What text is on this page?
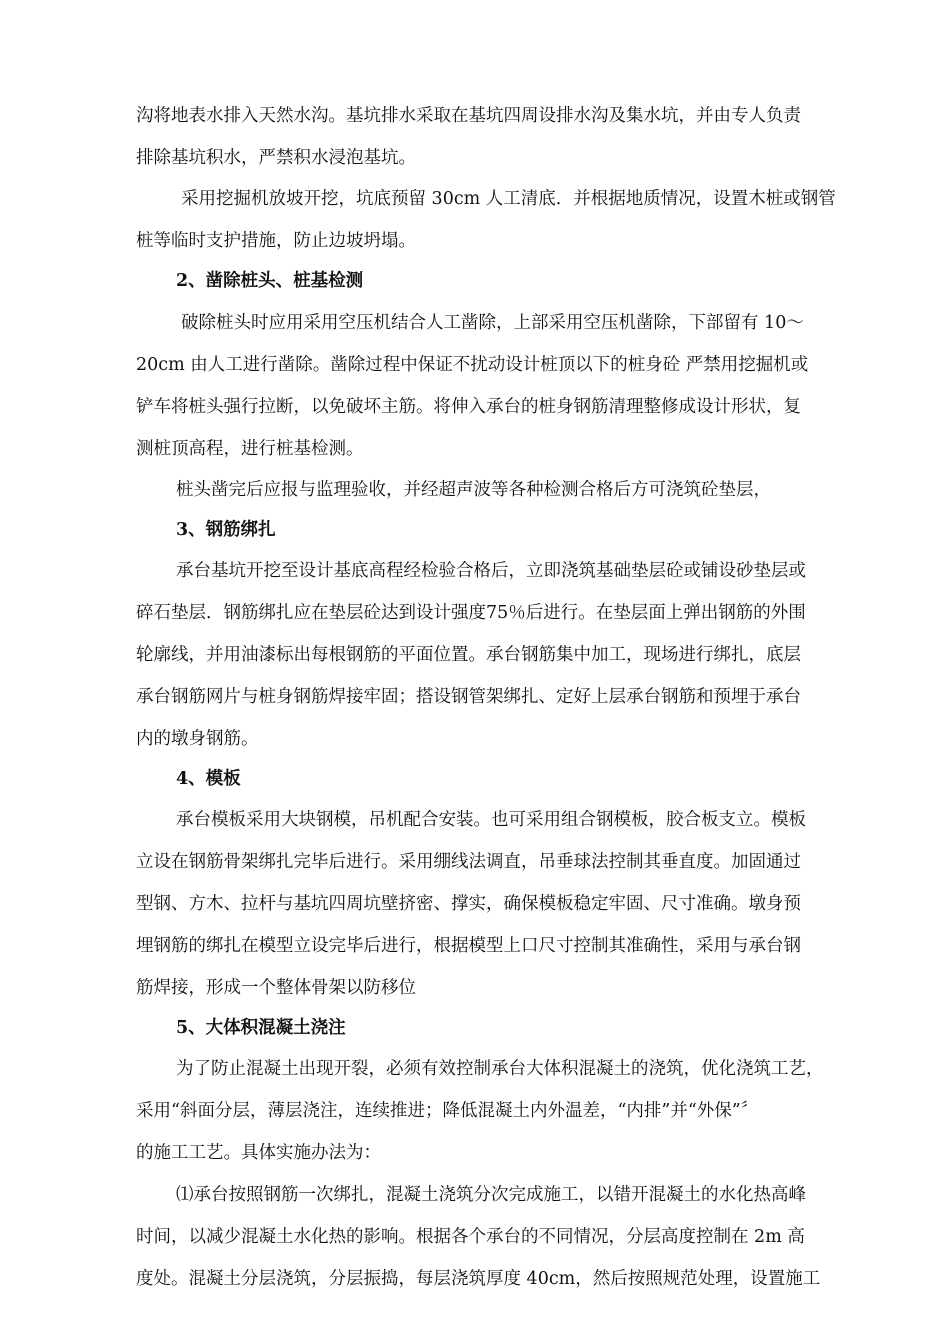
沟将地表水排入天然水沟。基坑排水采取在基坑四周设排水沟及集水坑，并由专人负责
排除基坑积水，严禁积水浸泡基坑。
采用挖掘机放坡开挖，坑底预留 30cm 人工清底．并根据地质情况，设置木桩或钢管
桩等临时支护措施，防止边坡坍塌。
2、凿除桩头、桩基检测
破除桩头时应用采用空压机结合人工凿除，上部采用空压机凿除，下部留有 10～
20cm 由人工进行凿除。凿除过程中保证不扰动设计桩顶以下的桩身砼 严禁用挖掘机或
铲车将桩头强行拉断，以免破坏主筋。将伸入承台的桩身钢筋清理整修成设计形状，复
测桩顶高程，进行桩基检测。
桩头凿完后应报与监理验收，并经超声波等各种检测合格后方可浇筑砼垫层，
3、钢筋绑扎
承台基坑开挖至设计基底高程经检验合格后，立即浇筑基础垫层砼或铺设砂垫层或
碎石垫层．钢筋绑扎应在垫层砼达到设计强度75％后进行。在垫层面上弹出钢筋的外围
轮廓线，并用油漆标出每根钢筋的平面位置。承台钢筋集中加工，现场进行绑扎，底层
承台钢筋网片与桩身钢筋焊接牢固；搭设钢管架绑扎、定好上层承台钢筋和预埋于承台
内的墩身钢筋。
4、模板
承台模板采用大块钢模，吊机配合安装。也可采用组合钢模板，胶合板支立。模板
立设在钢筋骨架绑扎完毕后进行。采用绷线法调直，吊垂球法控制其垂直度。加固通过
型钢、方木、拉杆与基坑四周坑壁挤密、撑实，确保模板稳定牢固、尺寸准确。墩身预
埋钢筋的绑扎在模型立设完毕后进行，根据模型上口尺寸控制其准确性，采用与承台钢
筋焊接，形成一个整体骨架以防移位
5、大体积混凝土浇注
为了防止混凝土出现开裂，必须有效控制承台大体积混凝土的浇筑，优化浇筑工艺，
采用“斜面分层，薄层浇注，连续推进；降低混凝土内外温差，“内排”并“外保”〞
的施工工艺。具体实施办法为：
⑴承台按照钢筋一次绑扎，混凝土浇筑分次完成施工，以错开混凝土的水化热高峰
时间，以减少混凝土水化热的影响。根据各个承台的不同情况，分层高度控制在 2m 高
度处。混凝土分层浇筑，分层振捣，每层浇筑厚度 40cm，然后按照规范处理，设置施工
